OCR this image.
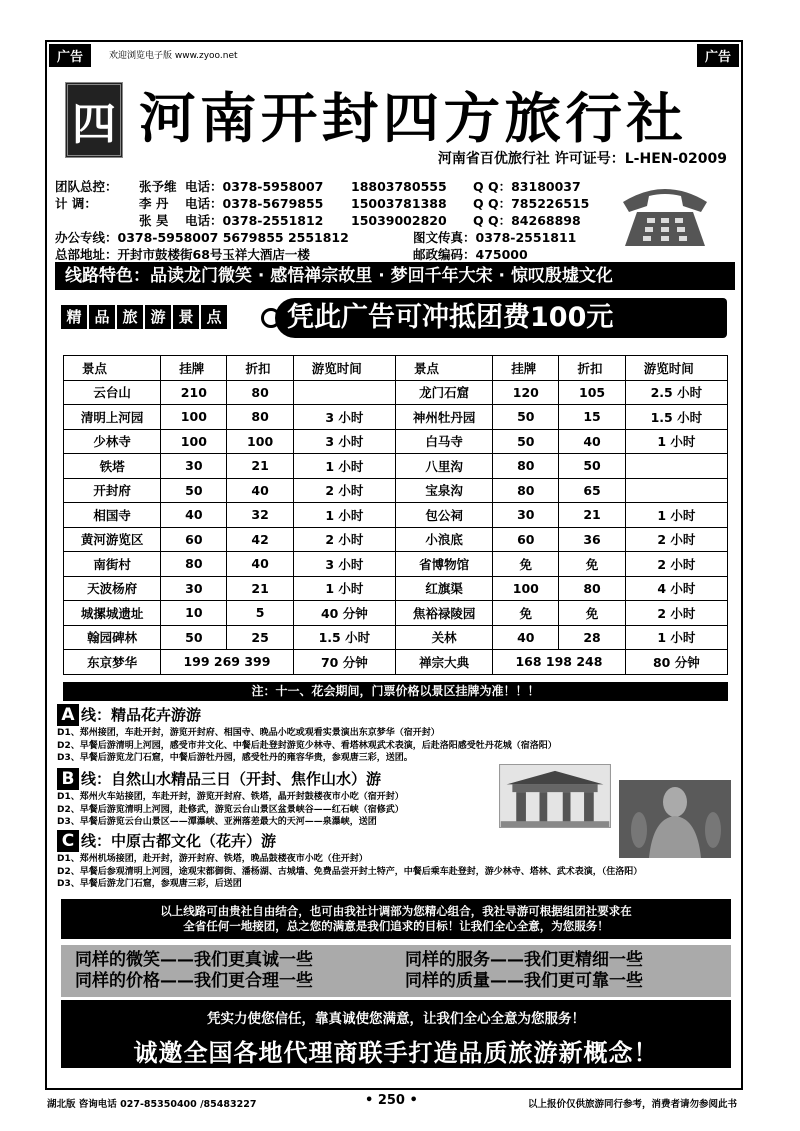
广告	广告
欢迎浏览电子版 www.zyoo.net
四 河南开封四方旅行社
河南省百优旅行社 许可证号：L-HEN-02009
团队总控： 张予维 电话：0378-5958007 18803780555 Q Q：83180037
计 调：	李 丹 电话：0378-5679855 15003781388 Q Q：785226515
张 昊 电话：0378-2551812 15039002820 Q Q：84268898
办公专线：0378-5958007 5679855 2551812	图文传真：0378-2551811
总部地址：开封市鼓楼街68号玉祥大酒店一楼	邮政编码：475000
线路特色：品读龙门微笑 · 感悟禅宗故里 · 梦回千年大宋 · 惊叹殷墟文化
精 品 旅 游 景 点	凭此广告可冲抵团费100元
景点	挂牌	折扣	游览时间	景点	挂牌	折扣	游览时间
云台山	210	80		龙门石窟	120	105	2.5 小时
清明上河园	100	80	3 小时	神州牡丹园	50	15	1.5 小时
少林寺	100	100	3 小时	白马寺	50	40	1 小时
铁塔	30	21	1 小时	八里沟	80	50	
开封府	50	40	2 小时	宝泉沟	80	65	
相国寺	40	32	1 小时	包公祠	30	21	1 小时
黄河游览区	60	42	2 小时	小浪底	60	36	2 小时
南街村	80	40	3 小时	省博物馆	免	免	2 小时
天波杨府	30	21	1 小时	红旗渠	100	80	4 小时
城摞城遗址	10	5	40 分钟	焦裕禄陵园	免	免	2 小时
翰园碑林	50	25	1.5 小时	关林	40	28	1 小时
东京梦华	199 269 399		70 分钟	禅宗大典	168 198 248		80 分钟
注：十一、花会期间，门票价格以景区挂牌为准！！！
A 线：精品花卉游游
D1、郑州接团，车赴开封，游览开封府、相国寺、晚品小吃或观看实景演出东京梦华（宿开封）
D2、早餐后游清明上河园，感受市井文化、中餐后赴登封游览少林寺、看塔林观武术表演，后赴洛阳感受牡丹花城（宿洛阳）
D3、早餐后游览龙门石窟，中餐后游牡丹园，感受牡丹的雍容华贵，参观唐三彩，送团。
B 线：自然山水精品三日（开封、焦作山水）游
D1、郑州火车站接团，车赴开封，游览开封府、铁塔，晶开封鼓楼夜市小吃（宿开封）
D2、早餐后游览清明上河园，赴修武，游览云台山景区盆景峡谷——红石峡（宿修武）
D3、早餐后游览云台山景区——潭瀑峡、亚洲落差最大的天河——泉瀑峡，送团
C 线：中原古都文化（花卉）游
D1、郑州机场接团，赴开封，游开封府、铁塔，晚品鼓楼夜市小吃（住开封）
D2、早餐后参观清明上河园，途观宋都御街、潘杨湖、古城墙、免费品尝开封土特产，中餐后乘车赴登封，游少林寺、塔林、武术表演，（住洛阳）
D3、早餐后游龙门石窟，参观唐三彩，后送团
以上线路可由贵社自由结合，也可由我社计调部为您精心组合，我社导游可根据组团社要求在
全省任何一地接团，总之您的满意是我们追求的目标！让我们全心全意，为您服务！
同样的微笑——我们更真诚一些	同样的服务——我们更精细一些
同样的价格——我们更合理一些	同样的质量——我们更可靠一些
凭实力使您信任，靠真诚使您满意，让我们全心全意为您服务！
诚邀全国各地代理商联手打造品质旅游新概念！
湖北版 咨询电话 027-85350400 /85483227	• 250 •	以上报价仅供旅游同行参考，消费者请勿参阅此书
